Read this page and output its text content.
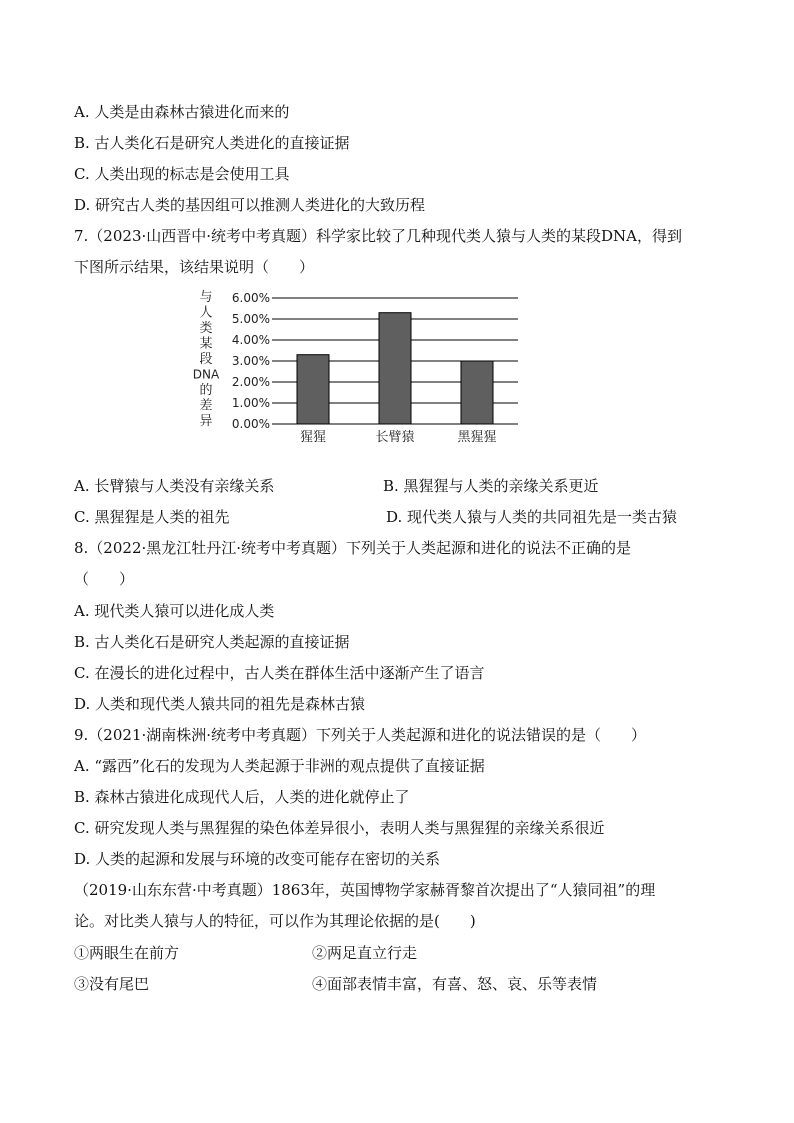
A. 人类是由森林古猿进化而来的
B. 古人类化石是研究人类进化的直接证据
C. 人类出现的标志是会使用工具
D. 研究古人类的基因组可以推测人类进化的大致历程
7.（2023·山西晋中·统考中考真题）科学家比较了几种现代类人猿与人类的某段DNA，得到
下图所示结果，该结果说明（　　）
与
人
类
某
段
DNA
的
差
异 0.00%
1.00%
2.00%
3.00%
4.00%
5.00%
6.00%
猩猩	长臂猿	黑猩猩
A. 长臂猿与人类没有亲缘关系	B. 黑猩猩与人类的亲缘关系更近
C. 黑猩猩是人类的祖先	D. 现代类人猿与人类的共同祖先是一类古猿
8.（2022·黑龙江牡丹江·统考中考真题）下列关于人类起源和进化的说法不正确的是
（　　）
A. 现代类人猿可以进化成人类
B. 古人类化石是研究人类起源的直接证据
C. 在漫长的进化过程中，古人类在群体生活中逐渐产生了语言
D. 人类和现代类人猿共同的祖先是森林古猿
9.（2021·湖南株洲·统考中考真题）下列关于人类起源和进化的说法错误的是（　　）
A. “露西”化石的发现为人类起源于非洲的观点提供了直接证据
B. 森林古猿进化成现代人后，人类的进化就停止了
C. 研究发现人类与黑猩猩的染色体差异很小，表明人类与黑猩猩的亲缘关系很近
D. 人类的起源和发展与环境的改变可能存在密切的关系
（2019·山东东营·中考真题）1863年，英国博物学家赫胥黎首次提出了“人猿同祖”的理
论。对比类人猿与人的特征，可以作为其理论依据的是(　　)
①两眼生在前方	②两足直立行走
③没有尾巴	④面部表情丰富，有喜、怒、哀、乐等表情
